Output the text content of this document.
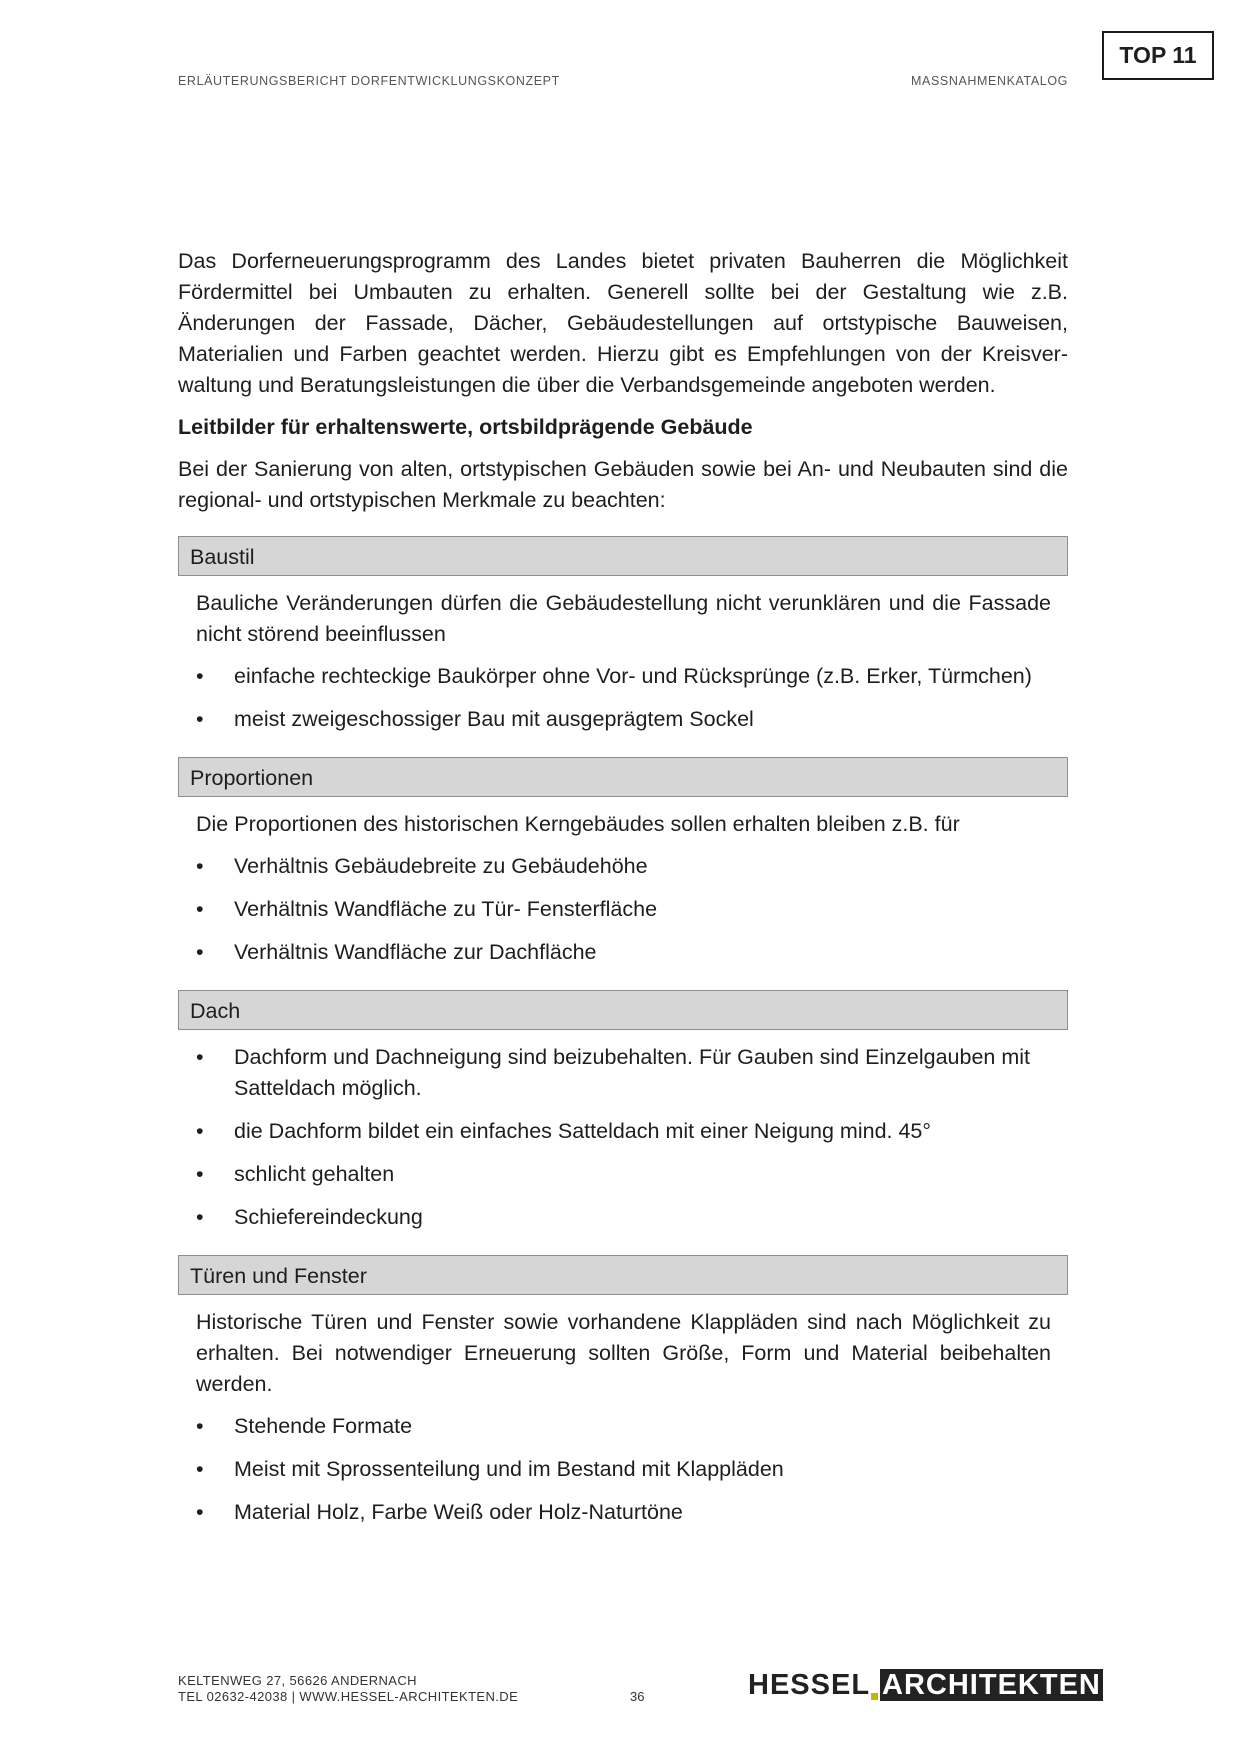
TOP 11
ERLÄUTERUNGSBERICHT DORFENTWICKLUNGSKONZEPT	MASSNAHMENKATALOG

Das Dorferneuerungsprogramm des Landes bietet privaten Bauherren die Möglichkeit Fördermittel bei Umbauten zu erhalten. Generell sollte bei der Gestaltung wie z.B. Änderungen der Fassade, Dächer, Gebäudestellungen auf ortstypische Bauweisen, Materialien und Farben geachtet werden. Hierzu gibt es Empfehlungen von der Kreisverwaltung und Beratungsleistungen die über die Verbandsgemeinde angeboten werden.

Leitbilder für erhaltenswerte, ortsbildprägende Gebäude

Bei der Sanierung von alten, ortstypischen Gebäuden sowie bei An- und Neubauten sind die regional- und ortstypischen Merkmale zu beachten:

Baustil

Bauliche Veränderungen dürfen die Gebäudestellung nicht verunklären und die Fassade nicht störend beeinflussen

• einfache rechteckige Baukörper ohne Vor- und Rücksprünge (z.B. Erker, Türmchen)
• meist zweigeschossiger Bau mit ausgeprägtem Sockel
Proportionen

Die Proportionen des historischen Kerngebäudes sollen erhalten bleiben z.B. für

• Verhältnis Gebäudebreite zu Gebäudehöhe
• Verhältnis Wandfläche zu Tür- Fensterfläche
• Verhältnis Wandfläche zur Dachfläche
Dach
• Dachform und Dachneigung sind beizubehalten. Für Gauben sind Einzelgauben mit Satteldach möglich.
• die Dachform bildet ein einfaches Satteldach mit einer Neigung mind. 45°
• schlicht gehalten
• Schiefereindeckung
Türen und Fenster

Historische Türen und Fenster sowie vorhandene Klappläden sind nach Möglichkeit zu erhalten. Bei notwendiger Erneuerung sollten Größe, Form und Material beibehalten werden.

• Stehende Formate
• Meist mit Sprossenteilung und im Bestand mit Klappläden
• Material Holz, Farbe Weiß oder Holz-Naturtöne
KELTENWEG 27, 56626 ANDERNACH
TEL 02632-42038 | WWW.HESSEL-ARCHITEKTEN.DE	36	HESSEL ARCHITEKTEN
